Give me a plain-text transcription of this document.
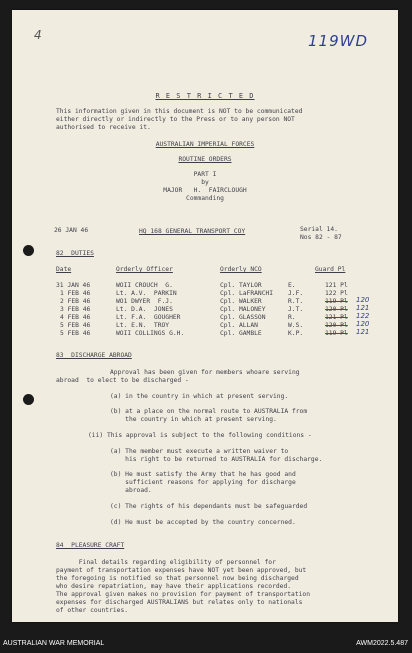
4	119WD
R E S T R I C T E D
This information given in this document is NOT to be communicated
either directly or indirectly to the Press or to any person NOT
authorised to receive it.
AUSTRALIAN IMPERIAL FORCES
ROUTINE ORDERS
PART I
by
MAJOR   H.  FAIRCLOUGH
Commanding
26 JAN 46	HQ 168 GENERAL TRANSPORT COY	Serial 14.
Nos 82 - 87
82  DUTIES
Date	Orderly Officer	Orderly NCO	Guard Pl
31 JAN 46	WOII CROUCH  G.	Cpl. TAYLOR	E.	121 Pl
1 FEB 46	Lt. A.V.  PARKIN	Cpl. LaFRANCHI J.F.	122 Pl
2 FEB 46	WO1 DWYER  F.J.	Cpl. WALKER	R.T.	119 Pl 120
3 FEB 46	Lt. D.A.  JONES	Cpl. MALONEY	J.T.	120 Pl 121
4 FEB 46	Lt. F.A.  GOUGHER	Cpl. GLASSON	R.	121 Pl 122
5 FEB 46	Lt. E.N.  TROY	Cpl. ALLAN	W.S.	120 Pl 120
5 FEB 46	WOII COLLINGS G.H.	Cpl. GAMBLE	K.P.	119 Pl 121
83  DISCHARGE ABROAD
Approval has been given for members whoare serving
abroad  to elect to be discharged -
(a) in the country in which at present serving.
(b) at a place on the normal route to AUSTRALIA from
the country in which at present serving.
(ii) This approval is subject to the following conditions -
(a) The member must execute a written waiver to
his right to be returned to AUSTRALIA for discharge.
(b) He must satisfy the Army that he has good and
sufficient reasons for applying for discharge
abroad.
(c) The rights of his dependants must be safeguarded
(d) He must be accepted by the country concerned.
84  PLEASURE CRAFT
Final details regarding eligibility of personnel for
payment of transportation expenses have NOT yet been approved, but
the foregoing is notified so that personnel now being discharged
who desire repatriation, may have their applications recorded.
The approval given makes no provision for payment of transportation
expenses for discharged AUSTRALIANS but relates only to nationals
of other countries.
AUSTRALIAN WAR MEMORIAL	AWM2022.5.487
